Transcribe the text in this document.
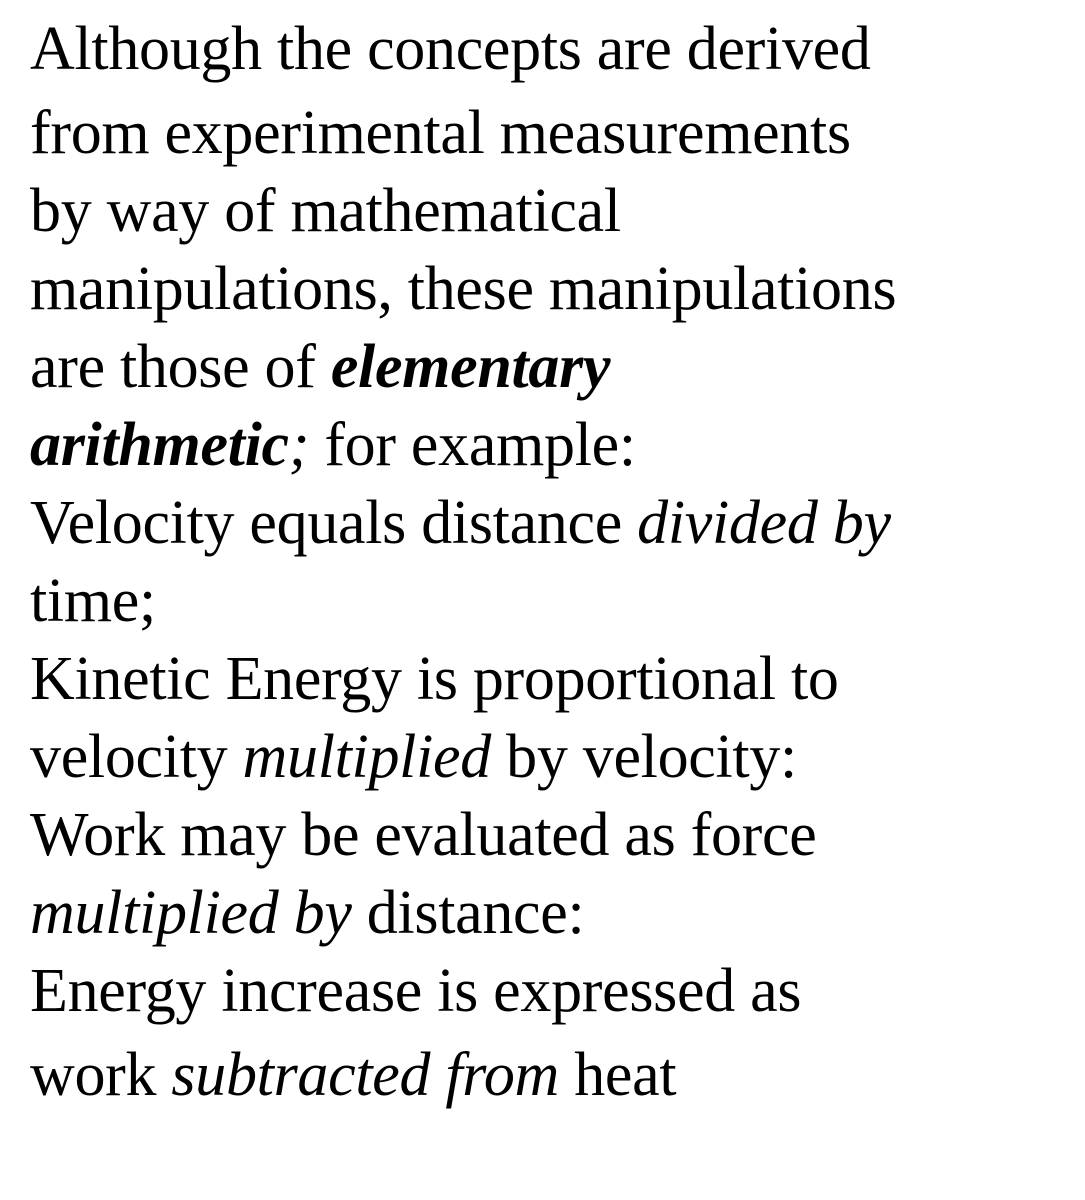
Although the concepts are derived
from experimental measurements
by way of mathematical
manipulations, these manipulations
are those of elementary
arithmetic; for example:
Velocity equals distance divided by
time;
Kinetic Energy is proportional to
velocity multiplied by velocity:
Work may be evaluated as force
multiplied by distance:
Energy increase is expressed as
work subtracted from heat
